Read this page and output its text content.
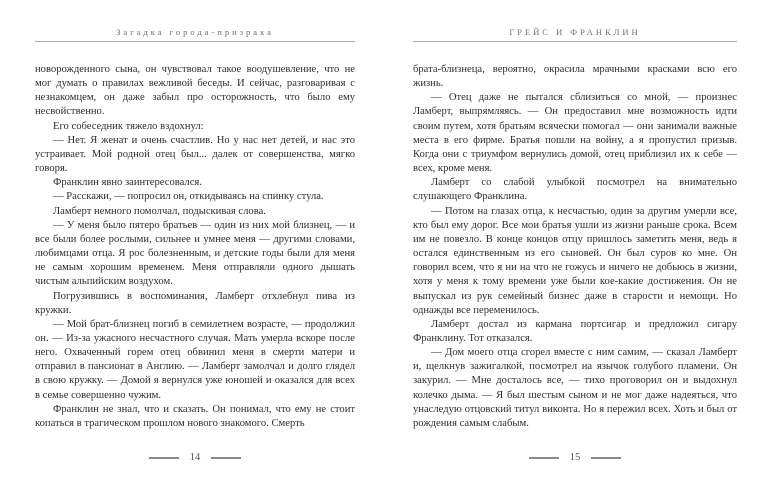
Загадка города-призрака

новорожденного сына, он чувствовал такое воодушевление, что не мог думать о правилах вежливой беседы. И сейчас, разговаривая с незнакомцем, он даже забыл про осторожность, что было ему несвойственно.

Его собеседник тяжело вздохнул:

— Нет. Я женат и очень счастлив. Но у нас нет детей, и нас это устраивает. Мой родной отец был... далек от совершенства, мягко говоря.

Франклин явно заинтересовался.

— Расскажи, — попросил он, откидываясь на спинку стула.

Ламберт немного помолчал, подыскивая слова.

— У меня было пятеро братьев — один из них мой близнец, — и все были более рослыми, сильнее и умнее меня — другими словами, любимцами отца. Я рос болезненным, и детские годы были для меня не самым хорошим временем. Меня отправляли одного дышать чистым альпийским воздухом.

Погрузившись в воспоминания, Ламберт отхлебнул пива из кружки.

— Мой брат-близнец погиб в семилетнем возрасте, — продолжил он. — Из-за ужасного несчастного случая. Мать умерла вскоре после него. Охваченный горем отец обвинил меня в смерти матери и отправил в пансионат в Англию. — Ламберт замолчал и долго глядел в свою кружку. — Домой я вернулся уже юношей и оказался для всех в семье совершенно чужим.

Франклин не знал, что и сказать. Он понимал, что ему не стоит копаться в трагическом прошлом нового знакомого. Смерть

14
ГРЕЙС И ФРАНКЛИН

брата-близнеца, вероятно, окрасила мрачными красками всю его жизнь.

— Отец даже не пытался сблизиться со мной, — произнес Ламберт, выпрямляясь. — Он предоставил мне возможность идти своим путем, хотя братьям всячески помогал — они занимали важные места в его фирме. Братья пошли на войну, а я пропустил призыв. Когда они с триумфом вернулись домой, отец приблизил их к себе — всех, кроме меня.

Ламберт со слабой улыбкой посмотрел на внимательно слушающего Франклина.

— Потом на глазах отца, к несчастью, один за другим умерли все, кто был ему дорог. Все мои братья ушли из жизни раньше срока. Всем им не повезло. В конце концов отцу пришлось заметить меня, ведь я остался единственным из его сыновей. Он был суров ко мне. Он говорил всем, что я ни на что не гожусь и ничего не добьюсь в жизни, хотя у меня к тому времени уже были кое-какие достижения. Он не выпускал из рук семейный бизнес даже в старости и немощи. Но однажды все переменилось.

Ламберт достал из кармана портсигар и предложил сигару Франклину. Тот отказался.

— Дом моего отца сгорел вместе с ним самим, — сказал Ламберт и, щелкнув зажигалкой, посмотрел на язычок голубого пламени. Он закурил. — Мне досталось все, — тихо проговорил он и выдохнул колечко дыма. — Я был шестым сыном и не мог даже надеяться, что унаследую отцовский титул виконта. Но я пережил всех. Хоть и был от рождения самым слабым.

15
